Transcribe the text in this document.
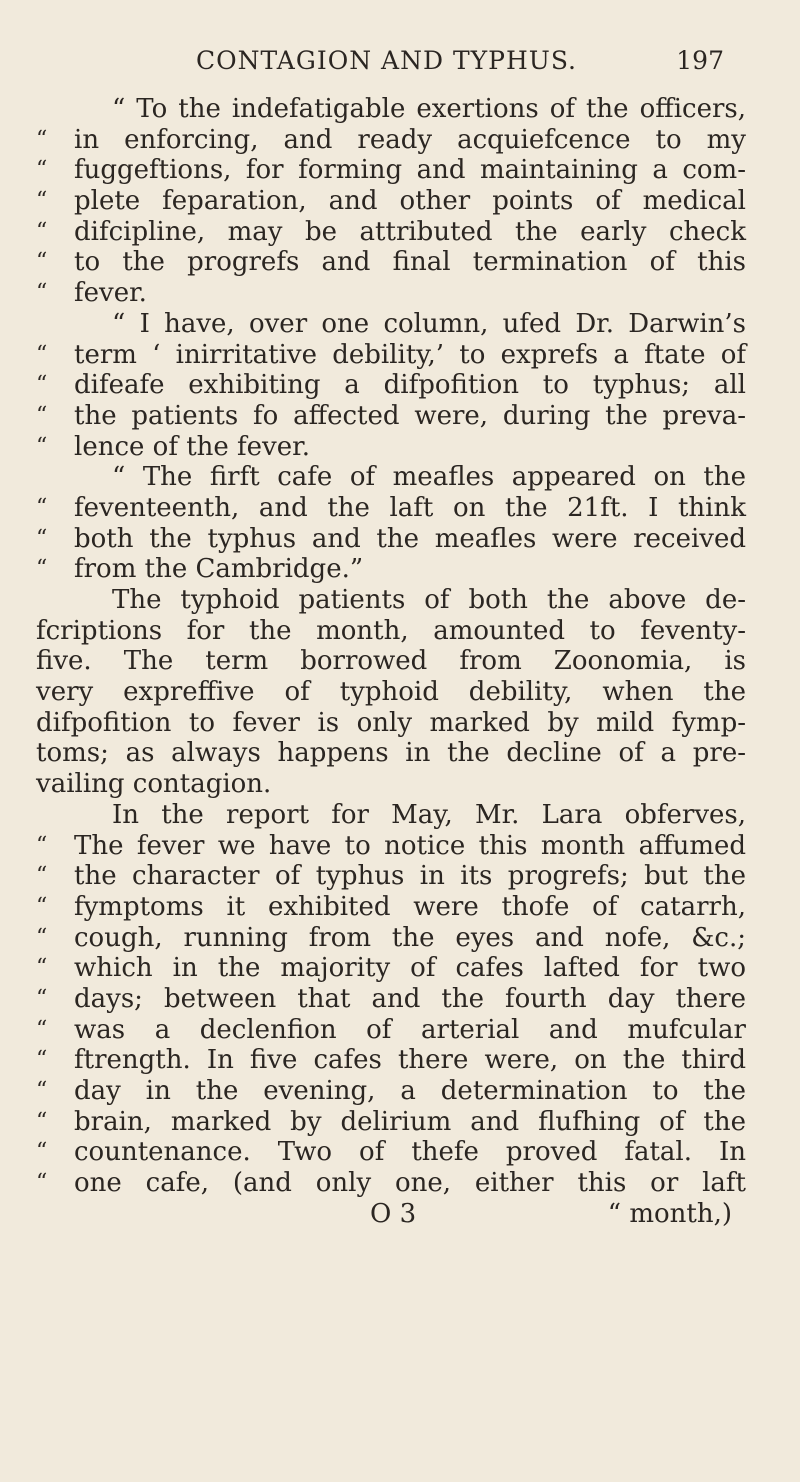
CONTAGION AND TYPHUS.	197
“ To the indefatigable exertions of the officers,
“	in enforcing, and ready acquiefcence to my
“	fuggeftions, for forming and maintaining a com-
“	plete feparation, and other points of medical
“	difcipline, may be attributed the early check
“	to the progrefs and final termination of this
“	fever.
“ I have, over one column, ufed Dr. Darwin’s
“	term ‘ inirritative debility,’ to exprefs a ftate of
“	difeafe exhibiting a difpofition to typhus; all
“	the patients fo affected were, during the preva-
“	lence of the fever.
“ The firft cafe of meafles appeared on the
“	feventeenth, and the laft on the 21ft. I think
“	both the typhus and the meafles were received
“	from the Cambridge.”
The typhoid patients of both the above de-
fcriptions for the month, amounted to feventy-
five. The term borrowed from Zoonomia, is
very expreffive of typhoid debility, when the
difpofition to fever is only marked by mild fymp-
toms; as always happens in the decline of a pre-
vailing contagion.
In the report for May, Mr. Lara obferves,
“	The fever we have to notice this month affumed
“	the character of typhus in its progrefs; but the
“	fymptoms it exhibited were thofe of catarrh,
“	cough, running from the eyes and nofe, &c.;
“	which in the majority of cafes lafted for two
“	days; between that and the fourth day there
“	was a declenfion of arterial and mufcular
“	ftrength. In five cafes there were, on the third
“	day in the evening, a determination to the
“	brain, marked by delirium and flufhing of the
“	countenance. Two of thefe proved fatal. In
“	one cafe, (and only one, either this or laft
O 3	“ month,)
